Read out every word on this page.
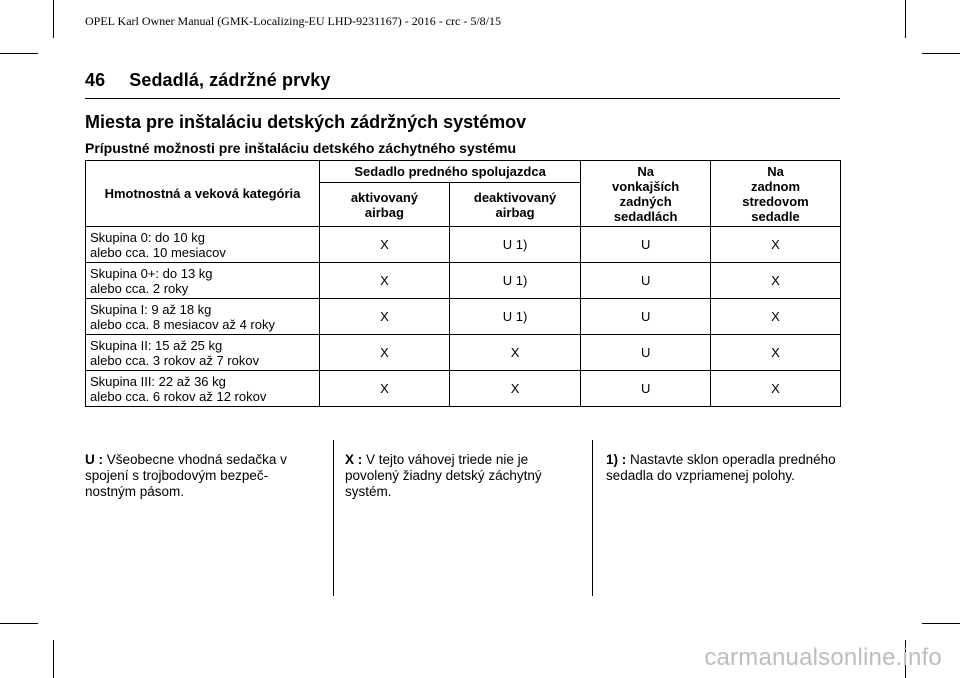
OPEL Karl Owner Manual (GMK-Localizing-EU LHD-9231167) - 2016 - crc - 5/8/15
46 Sedadlá, zádržné prvky
Miesta pre inštaláciu detských zádržných systémov
Prípustné možnosti pre inštaláciu detského záchytného systému
Hmotnostná a veková kategória	Sedadlo predného spolujazdca		Na vonkajších zadných sedadlách	Na zadnom stredovom sedadle
	aktivovaný airbag	deaktivovaný airbag		
Skupina 0: do 10 kg
alebo cca. 10 mesiacov	X	U 1)	U	X
Skupina 0+: do 13 kg
alebo cca. 2 roky	X	U 1)	U	X
Skupina I: 9 až 18 kg
alebo cca. 8 mesiacov až 4 roky	X	U 1)	U	X
Skupina II: 15 až 25 kg
alebo cca. 3 rokov až 7 rokov	X	X	U	X
Skupina III: 22 až 36 kg
alebo cca. 6 rokov až 12 rokov	X	X	U	X
U : Všeobecne vhodná sedačka v spojení s trojbodovým bezpeč-nostným pásom.
X : V tejto váhovej triede nie je povolený žiadny detský záchytný systém.
1) : Nastavte sklon operadla predného sedadla do vzpriamenej polohy.
carmanualsonline.info
